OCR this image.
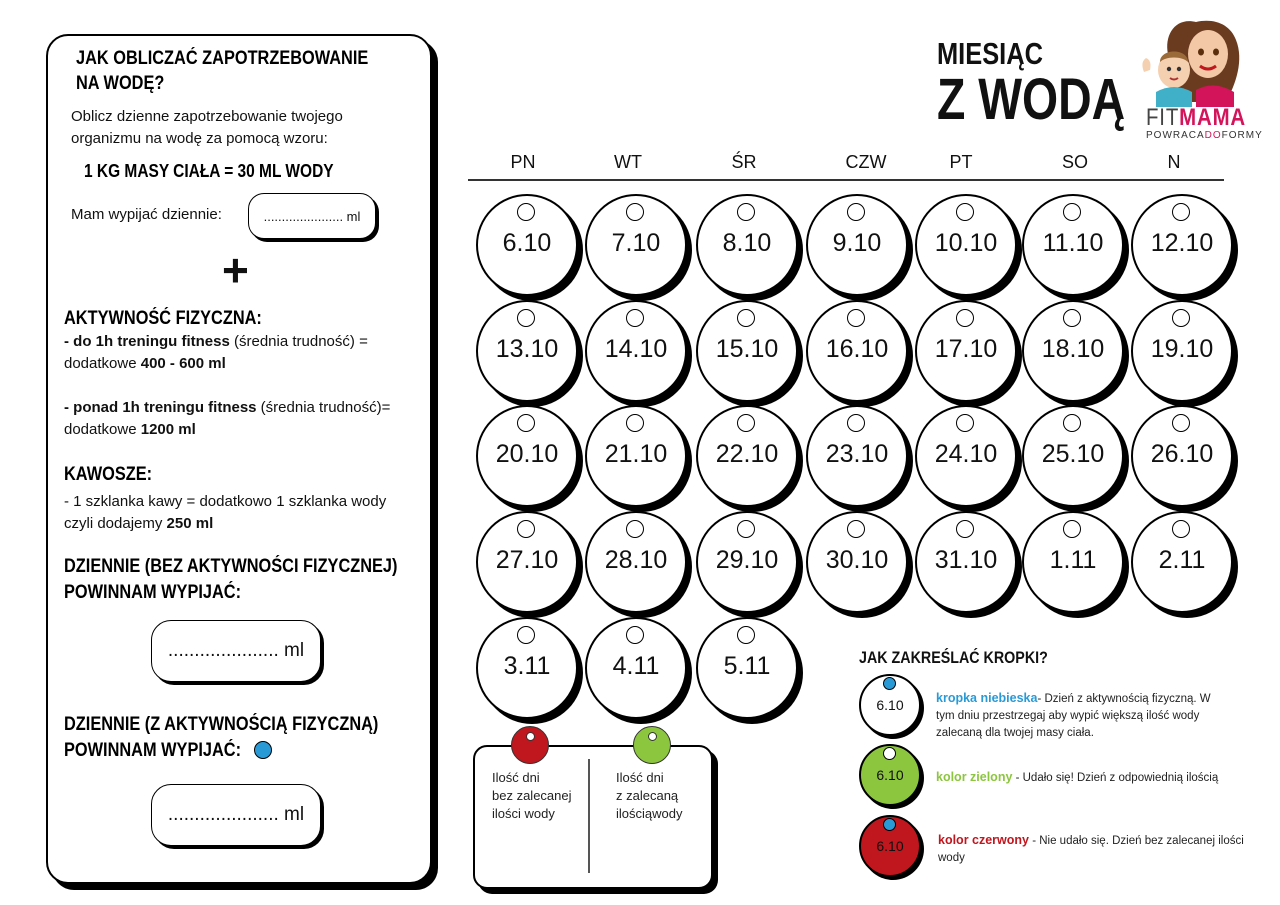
JAK OBLICZAĆ ZAPOTRZEBOWANIE
NA WODĘ?
Oblicz dzienne zapotrzebowanie twojego
organizmu na wodę za pomocą wzoru:
1 KG MASY CIAŁA = 30 ML WODY
Mam wypijać dziennie:	...................... ml
+
AKTYWNOŚĆ FIZYCZNA:
- do 1h treningu fitness (średnia trudność) =
dodatkowe 400 - 600 ml
- ponad 1h treningu fitness (średnia trudność)=
dodatkowe 1200 ml
KAWOSZE:
- 1 szklanka kawy = dodatkowo 1 szklanka wody
czyli dodajemy 250 ml
DZIENNIE (BEZ AKTYWNOŚCI FIZYCZNEJ)
POWINNAM WYPIJAĆ:
..................... ml
DZIENNIE (Z AKTYWNOŚCIĄ FIZYCZNĄ)
POWINNAM WYPIJAĆ:
..................... ml
MIESIĄC
Z WODĄ FITMAMA
POWRACADOFORMY
PN	WT	ŚR	CZW	PT	SO	N
6.10	7.10	8.10	9.10	10.10	11.10	12.10
13.10	14.10	15.10	16.10	17.10	18.10	19.10
20.10	21.10	22.10	23.10	24.10	25.10	26.10
27.10	28.10	29.10	30.10	31.10	1.11	2.11
3.11	4.11	5.11
Ilość dni
bez zalecanej
ilości wody
Ilość dni
z zalecaną
ilościąwody
JAK ZAKREŚLAĆ KROPKI?
6.10	kropka niebieska- Dzień z aktywnością fizyczną. W
tym dniu przestrzegaj aby wypić większą ilość wody
zalecaną dla twojej masy ciała.
6.10	kolor zielony - Udało się! Dzień z odpowiednią ilością
6.10	kolor czerwony - Nie udało się. Dzień bez zalecanej ilości
wody
